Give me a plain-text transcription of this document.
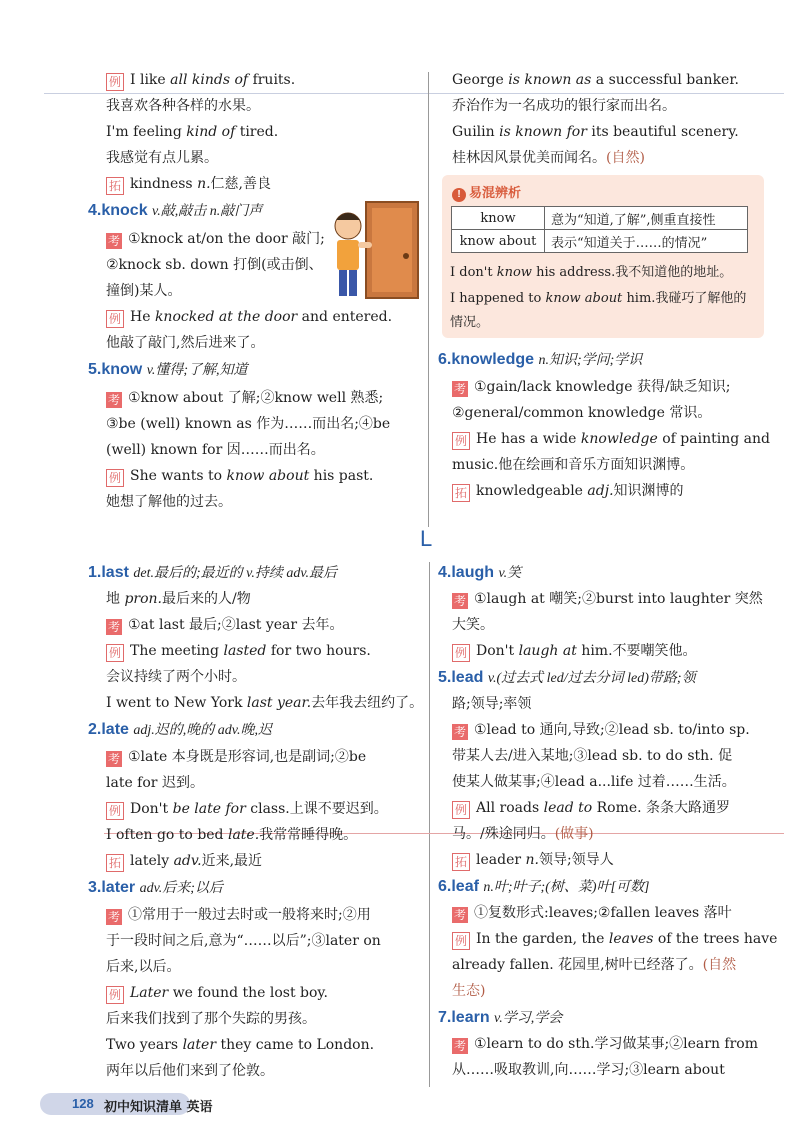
例 I like all kinds of fruits.
我喜欢各种各样的水果。
I'm feeling kind of tired.
我感觉有点儿累。
拓 kindness n.仁慈,善良
4.knock v.敲,敲击 n.敲门声
考 ①knock at/on the door 敲门;
②knock sb. down 打倒(或击倒、
撞倒)某人。
例 He knocked at the door and entered.
他敲了敲门,然后进来了。
5.know v.懂得;了解,知道
考 ①know about 了解;②know well 熟悉;
③be (well) known as 作为……而出名;④be
(well) known for 因……而出名。
例 She wants to know about his past.
她想了解他的过去。
George is known as a successful banker.
乔治作为一名成功的银行家而出名。
Guilin is known for its beautiful scenery.
桂林因风景优美而闻名。(自然)
! 易混辨析
know	意为“知道,了解”,侧重直接性
know about	表示“知道关于……的情况”
I don't know his address.我不知道他的地址。
I happened to know about him.我碰巧了解他的
情况。
6.knowledge n.知识;学问;学识
考 ①gain/lack knowledge 获得/缺乏知识;
②general/common knowledge 常识。
例 He has a wide knowledge of painting and
music.他在绘画和音乐方面知识渊博。
拓 knowledgeable adj.知识渊博的
L
1.last det.最后的;最近的 v.持续 adv.最后
地 pron.最后来的人/物
考 ①at last 最后;②last year 去年。
例 The meeting lasted for two hours.
会议持续了两个小时。
I went to New York last year.去年我去纽约了。
2.late adj.迟的,晚的 adv.晚,迟
考 ①late 本身既是形容词,也是副词;②be
late for 迟到。
例 Don't be late for class.上课不要迟到。
I often go to bed late.我常常睡得晚。
拓 lately adv.近来,最近
3.later adv.后来;以后
考 ①常用于一般过去时或一般将来时;②用
于一段时间之后,意为“……以后”;③later on
后来,以后。
例 Later we found the lost boy.
后来我们找到了那个失踪的男孩。
Two years later they came to London.
两年以后他们来到了伦敦。
4.laugh v.笑
考 ①laugh at 嘲笑;②burst into laughter 突然
大笑。
例 Don't laugh at him.不要嘲笑他。
5.lead v.(过去式 led/过去分词 led)带路;领
路;领导;率领
考 ①lead to 通向,导致;②lead sb. to/into sp.
带某人去/进入某地;③lead sb. to do sth. 促
使某人做某事;④lead a...life 过着……生活。
例 All roads lead to Rome. 条条大路通罗
马。/殊途同归。(做事)
拓 leader n.领导;领导人
6.leaf n.叶;叶子;(树、菜)叶[可数]
考 ①复数形式:leaves;②fallen leaves 落叶
例 In the garden, the leaves of the trees have
already fallen. 花园里,树叶已经落了。(自然
生态)
7.learn v.学习,学会
考 ①learn to do sth.学习做某事;②learn from
从……吸取教训,向……学习;③learn about
128 初中知识清单 英语
